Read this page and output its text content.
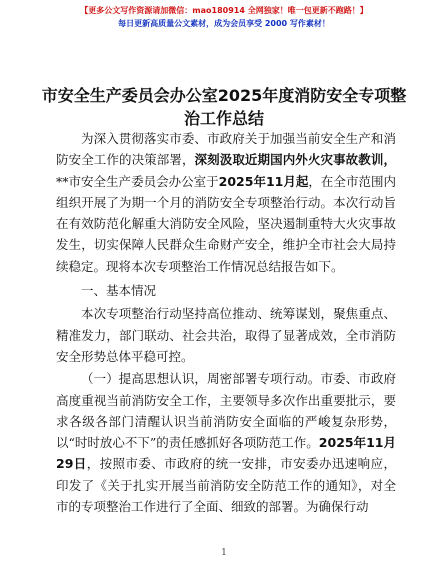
【更多公文写作资源请加微信：mao180914 全网独家！唯一包更新不跑路！】
每日更新高质量公文素材，成为会员享受 2000 写作素材！
市安全生产委员会办公室2025年度消防安全专项整治工作总结

为深入贯彻落实市委、市政府关于加强当前安全生产和消防安全工作的决策部署，深刻汲取近期国内外火灾事故教训，**市安全生产委员会办公室于2025年11月起，在全市范围内组织开展了为期一个月的消防安全专项整治行动。本次行动旨在有效防范化解重大消防安全风险，坚决遏制重特大火灾事故发生，切实保障人民群众生命财产安全，维护全市社会大局持续稳定。现将本次专项整治工作情况总结报告如下。

一、基本情况

本次专项整治行动坚持高位推动、统筹谋划，聚焦重点、精准发力，部门联动、社会共治，取得了显著成效，全市消防安全形势总体平稳可控。

（一）提高思想认识，周密部署专项行动。市委、市政府高度重视当前消防安全工作，主要领导多次作出重要批示，要求各级各部门清醒认识当前消防安全面临的严峻复杂形势，以“时时放心不下”的责任感抓好各项防范工作。2025年11月29日，按照市委、市政府的统一安排，市安委办迅速响应，印发了《关于扎实开展当前消防安全防范工作的通知》，对全市的专项整治工作进行了全面、细致的部署。为确保行动

1
